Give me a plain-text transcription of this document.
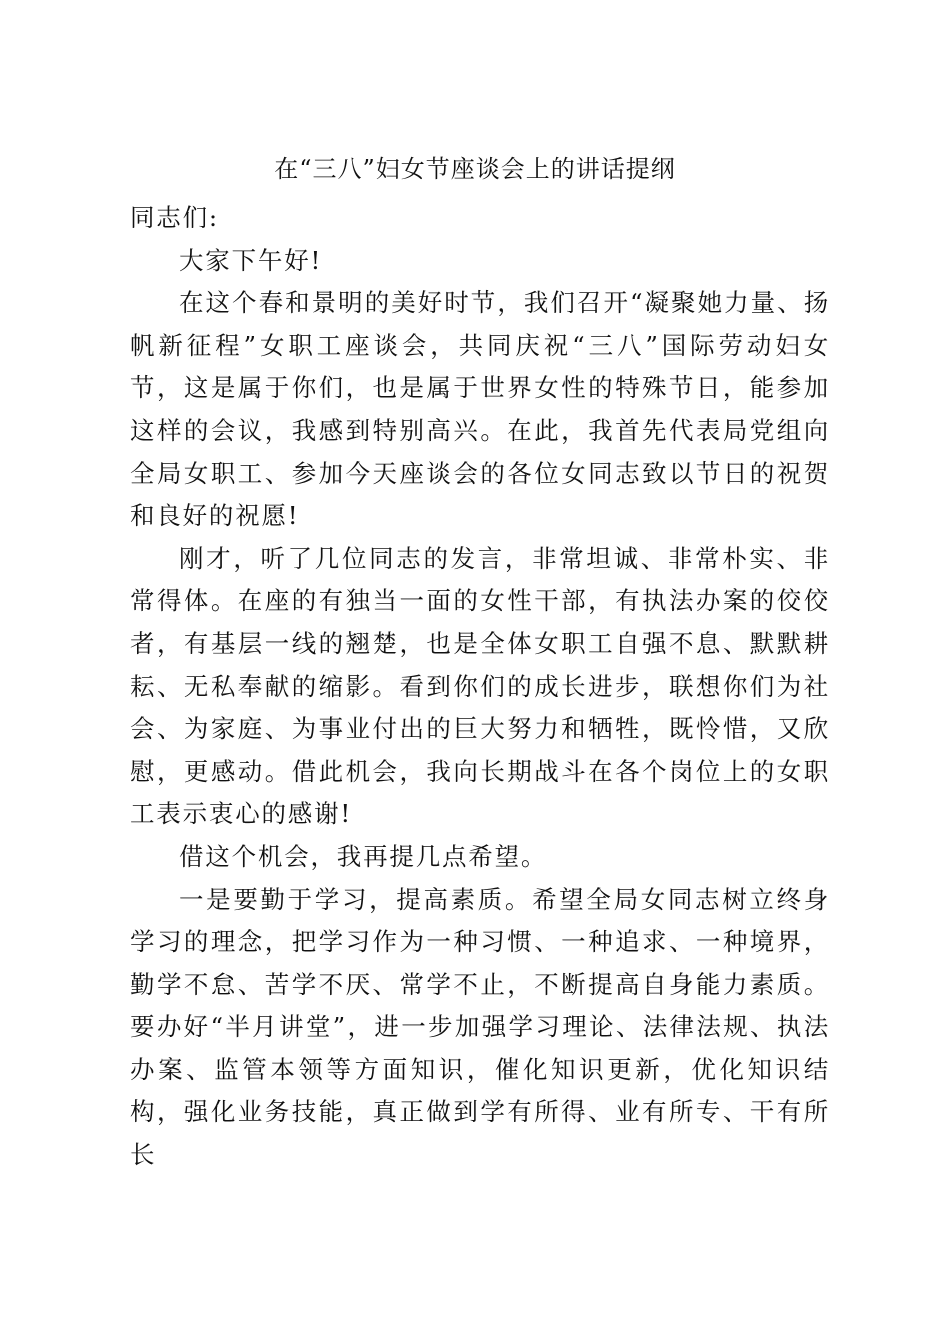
在“三八”妇女节座谈会上的讲话提纲

同志们:

大家下午好!

在这个春和景明的美好时节，我们召开“凝聚她力量、扬帆新征程”女职工座谈会，共同庆祝“三八”国际劳动妇女节，这是属于你们，也是属于世界女性的特殊节日，能参加这样的会议，我感到特别高兴。在此，我首先代表局党组向全局女职工、参加今天座谈会的各位女同志致以节日的祝贺和良好的祝愿!

刚才，听了几位同志的发言，非常坦诚、非常朴实、非常得体。在座的有独当一面的女性干部，有执法办案的佼佼者，有基层一线的翘楚，也是全体女职工自强不息、默默耕耘、无私奉献的缩影。看到你们的成长进步，联想你们为社会、为家庭、为事业付出的巨大努力和牺牲，既怜惜，又欣慰，更感动。借此机会，我向长期战斗在各个岗位上的女职工表示衷心的感谢!

借这个机会，我再提几点希望。

一是要勤于学习，提高素质。希望全局女同志树立终身学习的理念，把学习作为一种习惯、一种追求、一种境界，勤学不怠、苦学不厌、常学不止，不断提高自身能力素质。要办好“半月讲堂”，进一步加强学习理论、法律法规、执法办案、监管本领等方面知识，催化知识更新，优化知识结构，强化业务技能，真正做到学有所得、业有所专、干有所长
